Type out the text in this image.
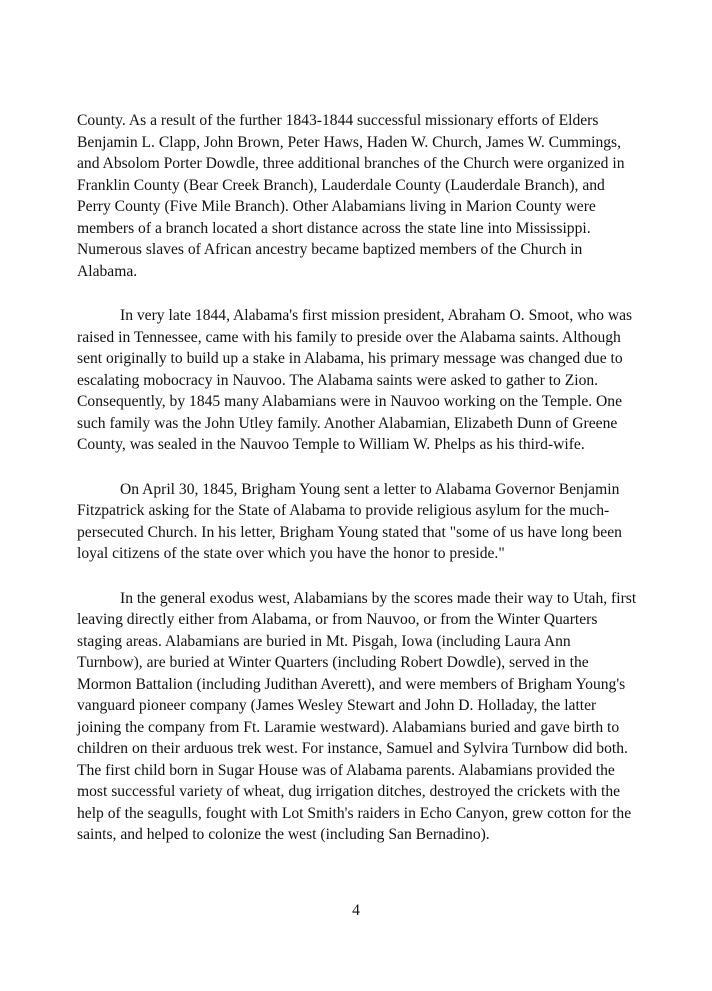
County. As a result of the further 1843-1844 successful missionary efforts of Elders Benjamin L. Clapp, John Brown, Peter Haws, Haden W. Church, James W. Cummings, and Absolom Porter Dowdle, three additional branches of the Church were organized in Franklin County (Bear Creek Branch), Lauderdale County (Lauderdale Branch), and Perry County (Five Mile Branch). Other Alabamians living in Marion County were members of a branch located a short distance across the state line into Mississippi. Numerous slaves of African ancestry became baptized members of the Church in Alabama.

In very late 1844, Alabama's first mission president, Abraham O. Smoot, who was raised in Tennessee, came with his family to preside over the Alabama saints. Although sent originally to build up a stake in Alabama, his primary message was changed due to escalating mobocracy in Nauvoo. The Alabama saints were asked to gather to Zion. Consequently, by 1845 many Alabamians were in Nauvoo working on the Temple. One such family was the John Utley family. Another Alabamian, Elizabeth Dunn of Greene County, was sealed in the Nauvoo Temple to William W. Phelps as his third-wife.

On April 30, 1845, Brigham Young sent a letter to Alabama Governor Benjamin Fitzpatrick asking for the State of Alabama to provide religious asylum for the much-persecuted Church. In his letter, Brigham Young stated that "some of us have long been loyal citizens of the state over which you have the honor to preside."

In the general exodus west, Alabamians by the scores made their way to Utah, first leaving directly either from Alabama, or from Nauvoo, or from the Winter Quarters staging areas. Alabamians are buried in Mt. Pisgah, Iowa (including Laura Ann Turnbow), are buried at Winter Quarters (including Robert Dowdle), served in the Mormon Battalion (including Judithan Averett), and were members of Brigham Young's vanguard pioneer company (James Wesley Stewart and John D. Holladay, the latter joining the company from Ft. Laramie westward). Alabamians buried and gave birth to children on their arduous trek west. For instance, Samuel and Sylvira Turnbow did both. The first child born in Sugar House was of Alabama parents. Alabamians provided the most successful variety of wheat, dug irrigation ditches, destroyed the crickets with the help of the seagulls, fought with Lot Smith's raiders in Echo Canyon, grew cotton for the saints, and helped to colonize the west (including San Bernadino).

4
